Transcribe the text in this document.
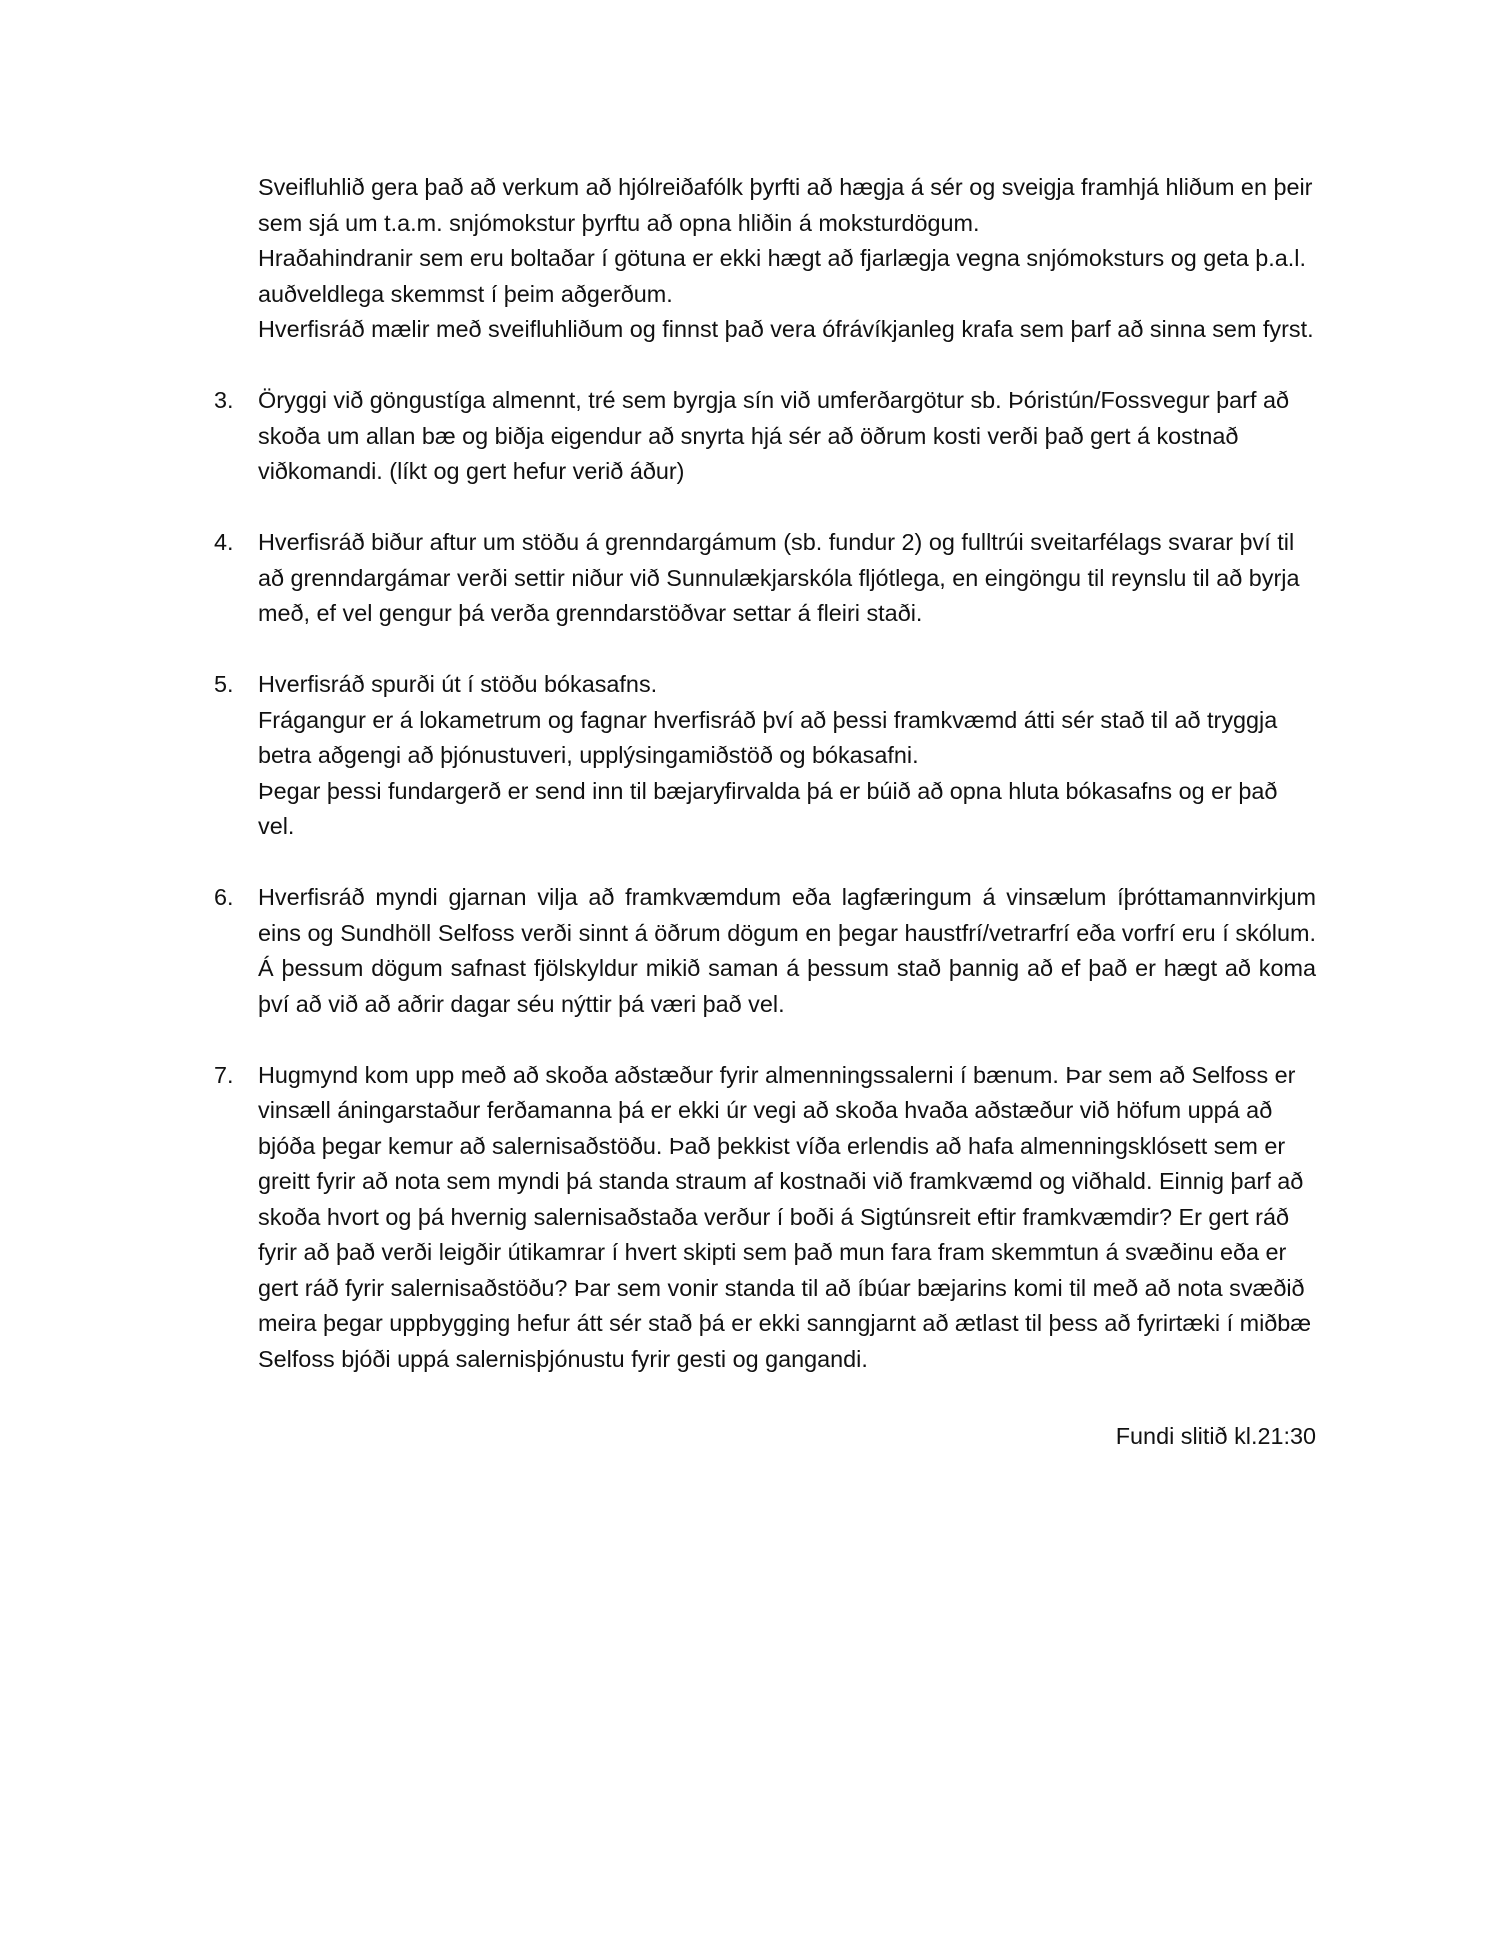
Sveifluhlið gera það að verkum að hjólreiðafólk þyrfti að hægja á sér og sveigja framhjá hliðum en þeir sem sjá um t.a.m. snjómokstur þyrftu að opna hliðin á moksturdögum.

Hraðahindranir sem eru boltaðar í götuna er ekki hægt að fjarlægja vegna snjómoksturs og geta þ.a.l. auðveldlega skemmst í þeim aðgerðum.

Hverfisráð mælir með sveifluhliðum og finnst það vera ófrávíkjanleg krafa sem þarf að sinna sem fyrst.

3. Öryggi við göngustíga almennt, tré sem byrgja sín við umferðargötur sb. Þóristún/Fossvegur þarf að skoða um allan bæ og biðja eigendur að snyrta hjá sér að öðrum kosti verði það gert á kostnað viðkomandi. (líkt og gert hefur verið áður)

4. Hverfisráð biður aftur um stöðu á grenndargámum (sb. fundur 2) og fulltrúi sveitarfélags svarar því til að grenndargámar verði settir niður við Sunnulækjarskóla fljótlega, en eingöngu til reynslu til að byrja með, ef vel gengur þá verða grenndarstöðvar settar á fleiri staði.

5. Hverfisráð spurði út í stöðu bókasafns.

Frágangur er á lokametrum og fagnar hverfisráð því að þessi framkvæmd átti sér stað til að tryggja betra aðgengi að þjónustuveri, upplýsingamiðstöð og bókasafni.

Þegar þessi fundargerð er send inn til bæjaryfirvalda þá er búið að opna hluta bókasafns og er það vel.

6. Hverfisráð myndi gjarnan vilja að framkvæmdum eða lagfæringum á vinsælum íþróttamannvirkjum eins og Sundhöll Selfoss verði sinnt á öðrum dögum en þegar haustfrí/vetrarfrí eða vorfrí eru í skólum. Á þessum dögum safnast fjölskyldur mikið saman á þessum stað þannig að ef það er hægt að koma því að við að aðrir dagar séu nýttir þá væri það vel.

7. Hugmynd kom upp með að skoða aðstæður fyrir almenningssalerni í bænum. Þar sem að Selfoss er vinsæll áningarstaður ferðamanna þá er ekki úr vegi að skoða hvaða aðstæður við höfum uppá að bjóða þegar kemur að salernisaðstöðu. Það þekkist víða erlendis að hafa almenningsklósett sem er greitt fyrir að nota sem myndi þá standa straum af kostnaði við framkvæmd og viðhald. Einnig þarf að skoða hvort og þá hvernig salernisaðstaða verður í boði á Sigtúnsreit eftir framkvæmdir? Er gert ráð fyrir að það verði leigðir útikamrar í hvert skipti sem það mun fara fram skemmtun á svæðinu eða er gert ráð fyrir salernisaðstöðu? Þar sem vonir standa til að íbúar bæjarins komi til með að nota svæðið meira þegar uppbygging hefur átt sér stað þá er ekki sanngjarnt að ætlast til þess að fyrirtæki í miðbæ Selfoss bjóði uppá salernisþjónustu fyrir gesti og gangandi.

Fundi slitið kl.21:30
